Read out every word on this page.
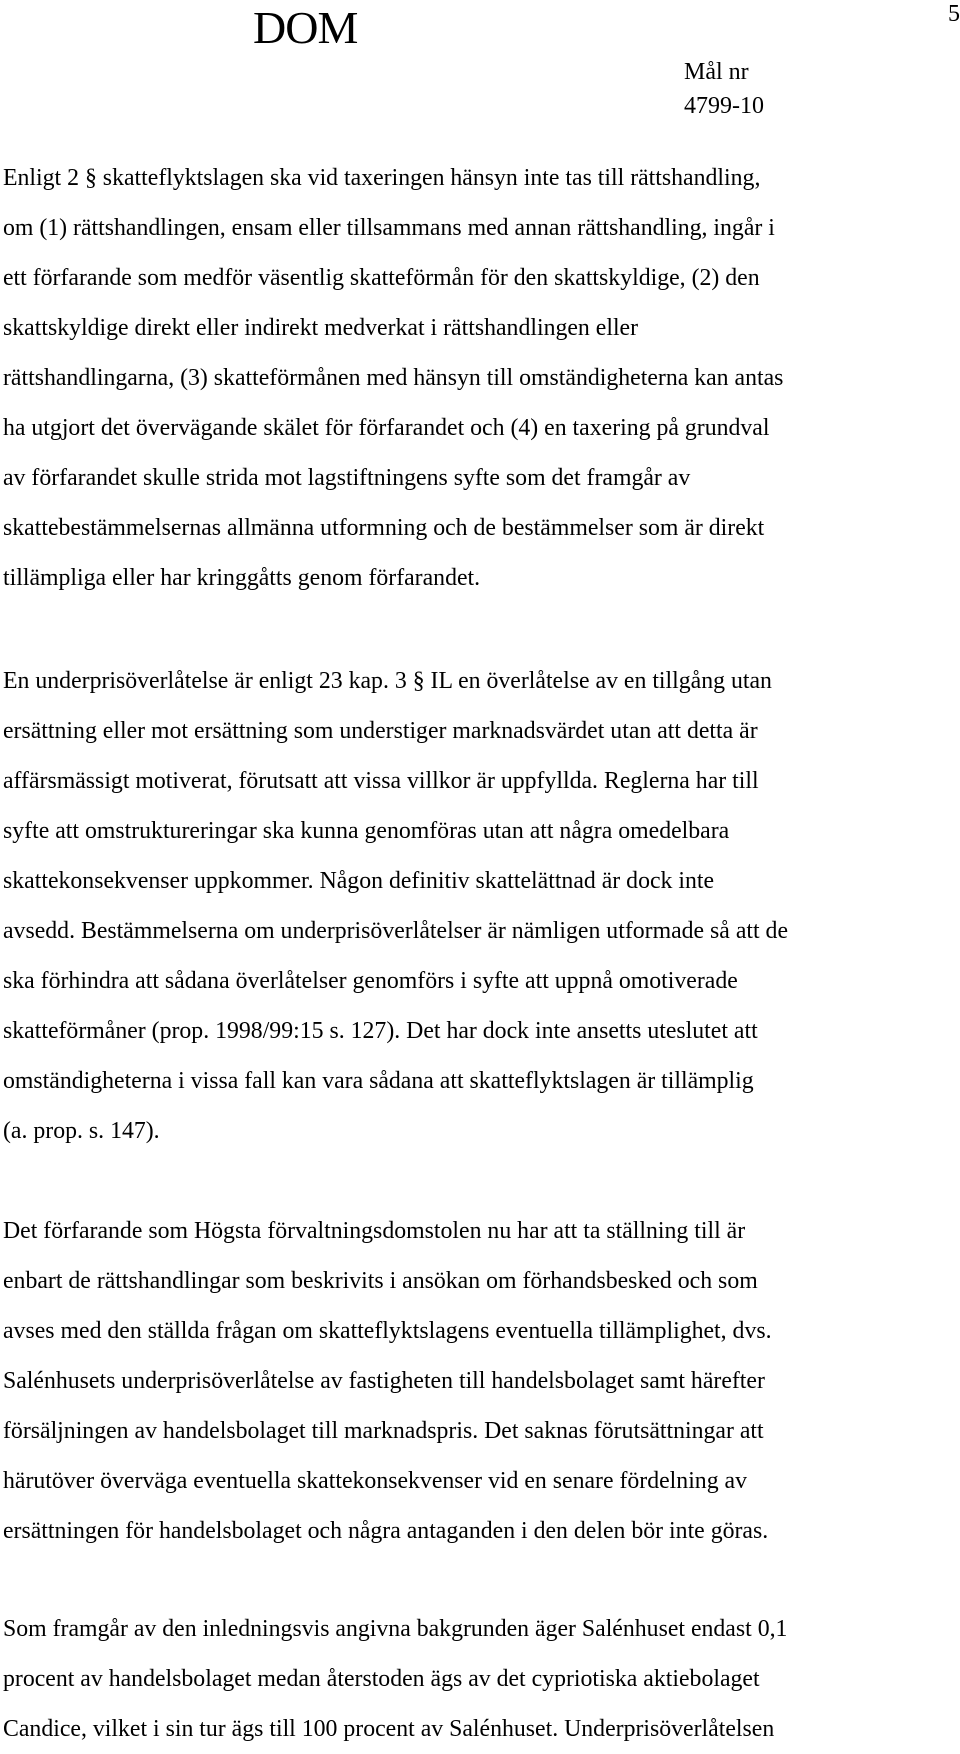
DOM	5
Mål nr
4799-10
Enligt 2 § skatteflyktslagen ska vid taxeringen hänsyn inte tas till rättshandling,
om (1) rättshandlingen, ensam eller tillsammans med annan rättshandling, ingår i
ett förfarande som medför väsentlig skatteförmån för den skattskyldige, (2) den
skattskyldige direkt eller indirekt medverkat i rättshandlingen eller
rättshandlingarna, (3) skatteförmånen med hänsyn till omständigheterna kan antas
ha utgjort det övervägande skälet för förfarandet och (4) en taxering på grundval
av förfarandet skulle strida mot lagstiftningens syfte som det framgår av
skattebestämmelsernas allmänna utformning och de bestämmelser som är direkt
tillämpliga eller har kringgåtts genom förfarandet.
En underprisöverlåtelse är enligt 23 kap. 3 § IL en överlåtelse av en tillgång utan
ersättning eller mot ersättning som understiger marknadsvärdet utan att detta är
affärsmässigt motiverat, förutsatt att vissa villkor är uppfyllda. Reglerna har till
syfte att omstruktureringar ska kunna genomföras utan att några omedelbara
skattekonsekvenser uppkommer. Någon definitiv skattelättnad är dock inte
avsedd. Bestämmelserna om underprisöverlåtelser är nämligen utformade så att de
ska förhindra att sådana överlåtelser genomförs i syfte att uppnå omotiverade
skatteförmåner (prop. 1998/99:15 s. 127). Det har dock inte ansetts uteslutet att
omständigheterna i vissa fall kan vara sådana att skatteflyktslagen är tillämplig
(a. prop. s. 147).
Det förfarande som Högsta förvaltningsdomstolen nu har att ta ställning till är
enbart de rättshandlingar som beskrivits i ansökan om förhandsbesked och som
avses med den ställda frågan om skatteflyktslagens eventuella tillämplighet, dvs.
Salénhusets underprisöverlåtelse av fastigheten till handelsbolaget samt härefter
försäljningen av handelsbolaget till marknadspris. Det saknas förutsättningar att
härutöver överväga eventuella skattekonsekvenser vid en senare fördelning av
ersättningen för handelsbolaget och några antaganden i den delen bör inte göras.
Som framgår av den inledningsvis angivna bakgrunden äger Salénhuset endast 0,1
procent av handelsbolaget medan återstoden ägs av det cypriotiska aktiebolaget
Candice, vilket i sin tur ägs till 100 procent av Salénhuset. Underprisöverlåtelsen
